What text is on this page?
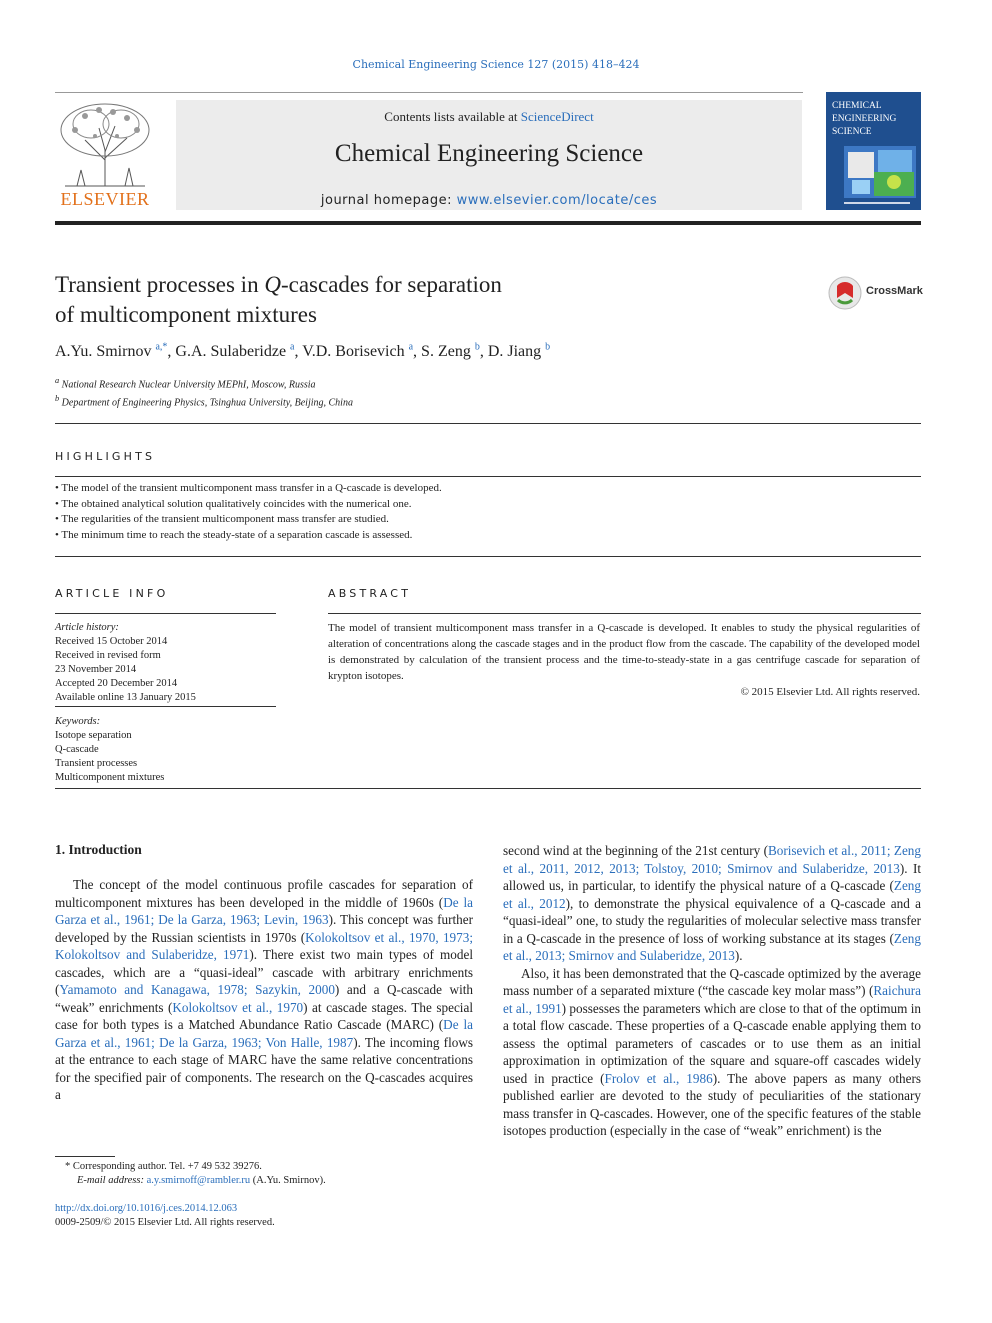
Chemical Engineering Science 127 (2015) 418–424
ELSEVIER
Contents lists available at ScienceDirect
Chemical Engineering Science
journal homepage: www.elsevier.com/locate/ces
CHEMICAL
ENGINEERING
SCIENCE
Transient processes in Q-cascades for separation
of multicomponent mixtures
CrossMark
A.Yu. Smirnov $^{a,*}$, G.A. Sulaberidze $^a$, V.D. Borisevich $^a$, S. Zeng $^b$, D. Jiang $^b$
$^a$ National Research Nuclear University MEPhI, Moscow, Russia
$^b$ Department of Engineering Physics, Tsinghua University, Beijing, China
HIGHLIGHTS
• The model of the transient multicomponent mass transfer in a Q-cascade is developed.
• The obtained analytical solution qualitatively coincides with the numerical one.
• The regularities of the transient multicomponent mass transfer are studied.
• The minimum time to reach the steady-state of a separation cascade is assessed.
ARTICLE INFO
Article history:
Received 15 October 2014
Received in revised form
23 November 2014
Accepted 20 December 2014
Available online 13 January 2015
Keywords:
Isotope separation
Q-cascade
Transient processes
Multicomponent mixtures
ABSTRACT
The model of transient multicomponent mass transfer in a Q-cascade is developed. It enables to study the physical regularities of alteration of concentrations along the cascade stages and in the product flow from the cascade. The capability of the developed model is demonstrated by calculation of the transient process and the time-to-steady-state in a gas centrifuge cascade for separation of krypton isotopes.
© 2015 Elsevier Ltd. All rights reserved.
1. Introduction

The concept of the model continuous profile cascades for separation of multicomponent mixtures has been developed in the middle of 1960s (De la Garza et al., 1961; De la Garza, 1963; Levin, 1963). This concept was further developed by the Russian scientists in 1970s (Kolokoltsov et al., 1970, 1973; Kolokoltsov and Sulaberidze, 1971). There exist two main types of model cascades, which are a “quasi-ideal” cascade with arbitrary enrichments (Yamamoto and Kanagawa, 1978; Sazykin, 2000) and a Q-cascade with “weak” enrichments (Kolokoltsov et al., 1970) at cascade stages. The special case for both types is a Matched Abundance Ratio Cascade (MARC) (De la Garza et al., 1961; De la Garza, 1963; Von Halle, 1987). The incoming flows at the entrance to each stage of MARC have the same relative concentrations for the specified pair of components. The research on the Q-cascades acquires a

second wind at the beginning of the 21st century (Borisevich et al., 2011; Zeng et al., 2011, 2012, 2013; Tolstoy, 2010; Smirnov and Sulaberidze, 2013). It allowed us, in particular, to identify the physical nature of a Q-cascade (Zeng et al., 2012), to demonstrate the physical equivalence of a Q-cascade and a “quasi-ideal” one, to study the regularities of molecular selective mass transfer in a Q-cascade in the presence of loss of working substance at its stages (Zeng et al., 2013; Smirnov and Sulaberidze, 2013).

Also, it has been demonstrated that the Q-cascade optimized by the average mass number of a separated mixture (“the cascade key molar mass”) (Raichura et al., 1991) possesses the parameters which are close to that of the optimum in a total flow cascade. These properties of a Q-cascade enable applying them to assess the optimal parameters of cascades or to use them as an initial approximation in optimization of the square and square-off cascades widely used in practice (Frolov et al., 1986). The above papers as many others published earlier are devoted to the study of peculiarities of the stationary mass transfer in Q-cascades. However, one of the specific features of the stable isotopes production (especially in the case of “weak” enrichment) is the

* Corresponding author. Tel. +7 49 532 39276.
E-mail address: a.y.smirnoff@rambler.ru (A.Yu. Smirnov).
http://dx.doi.org/10.1016/j.ces.2014.12.063
0009-2509/© 2015 Elsevier Ltd. All rights reserved.
